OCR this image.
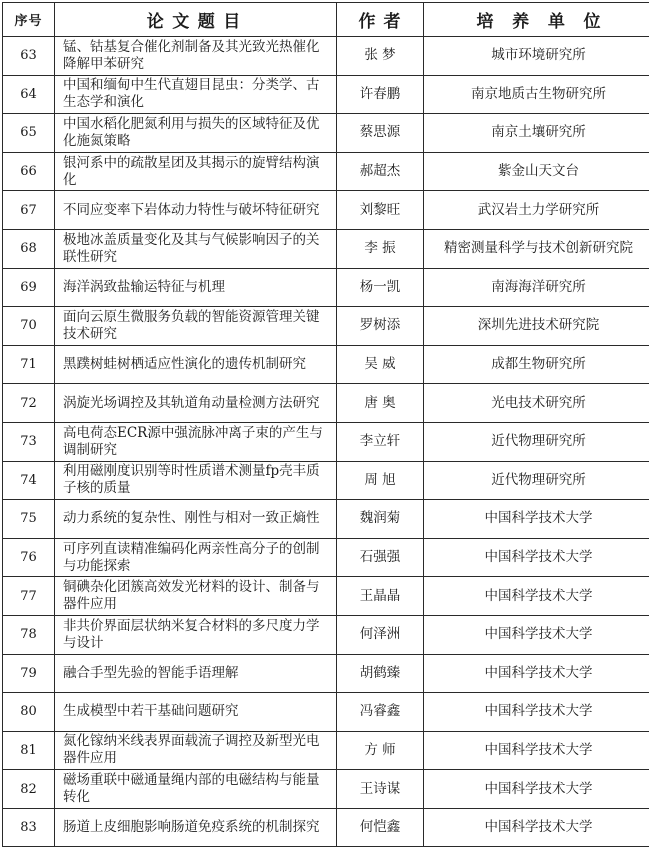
序号	论文题目	作 者	培养单位
63	锰、钴基复合催化剂制备及其光致光热催化降解甲苯研究	张 梦	城市环境研究所
64	中国和缅甸中生代直翅目昆虫：分类学、古生态学和演化	许春鹏	南京地质古生物研究所
65	中国水稻化肥氮利用与损失的区域特征及优化施氮策略	蔡思源	南京土壤研究所
66	银河系中的疏散星团及其揭示的旋臂结构演化	郝超杰	紫金山天文台
67	不同应变率下岩体动力特性与破坏特征研究	刘黎旺	武汉岩土力学研究所
68	极地冰盖质量变化及其与气候影响因子的关联性研究	李 振	精密测量科学与技术创新研究院
69	海洋涡致盐输运特征与机理	杨一凯	南海海洋研究所
70	面向云原生微服务负载的智能资源管理关键技术研究	罗树添	深圳先进技术研究院
71	黑蹼树蛙树栖适应性演化的遗传机制研究	吴 威	成都生物研究所
72	涡旋光场调控及其轨道角动量检测方法研究	唐 奥	光电技术研究所
73	高电荷态ECR源中强流脉冲离子束的产生与调制研究	李立轩	近代物理研究所
74	利用磁刚度识别等时性质谱术测量fp壳丰质子核的质量	周 旭	近代物理研究所
75	动力系统的复杂性、刚性与相对一致正熵性	魏润菊	中国科学技术大学
76	可序列直读精准编码化两亲性高分子的创制与功能探索	石强强	中国科学技术大学
77	铜碘杂化团簇高效发光材料的设计、制备与器件应用	王晶晶	中国科学技术大学
78	非共价界面层状纳米复合材料的多尺度力学与设计	何泽洲	中国科学技术大学
79	融合手型先验的智能手语理解	胡鹤臻	中国科学技术大学
80	生成模型中若干基础问题研究	冯睿鑫	中国科学技术大学
81	氮化镓纳米线表界面载流子调控及新型光电器件应用	方 师	中国科学技术大学
82	磁场重联中磁通量绳内部的电磁结构与能量转化	王诗谋	中国科学技术大学
83	肠道上皮细胞影响肠道免疫系统的机制探究	何恺鑫	中国科学技术大学
